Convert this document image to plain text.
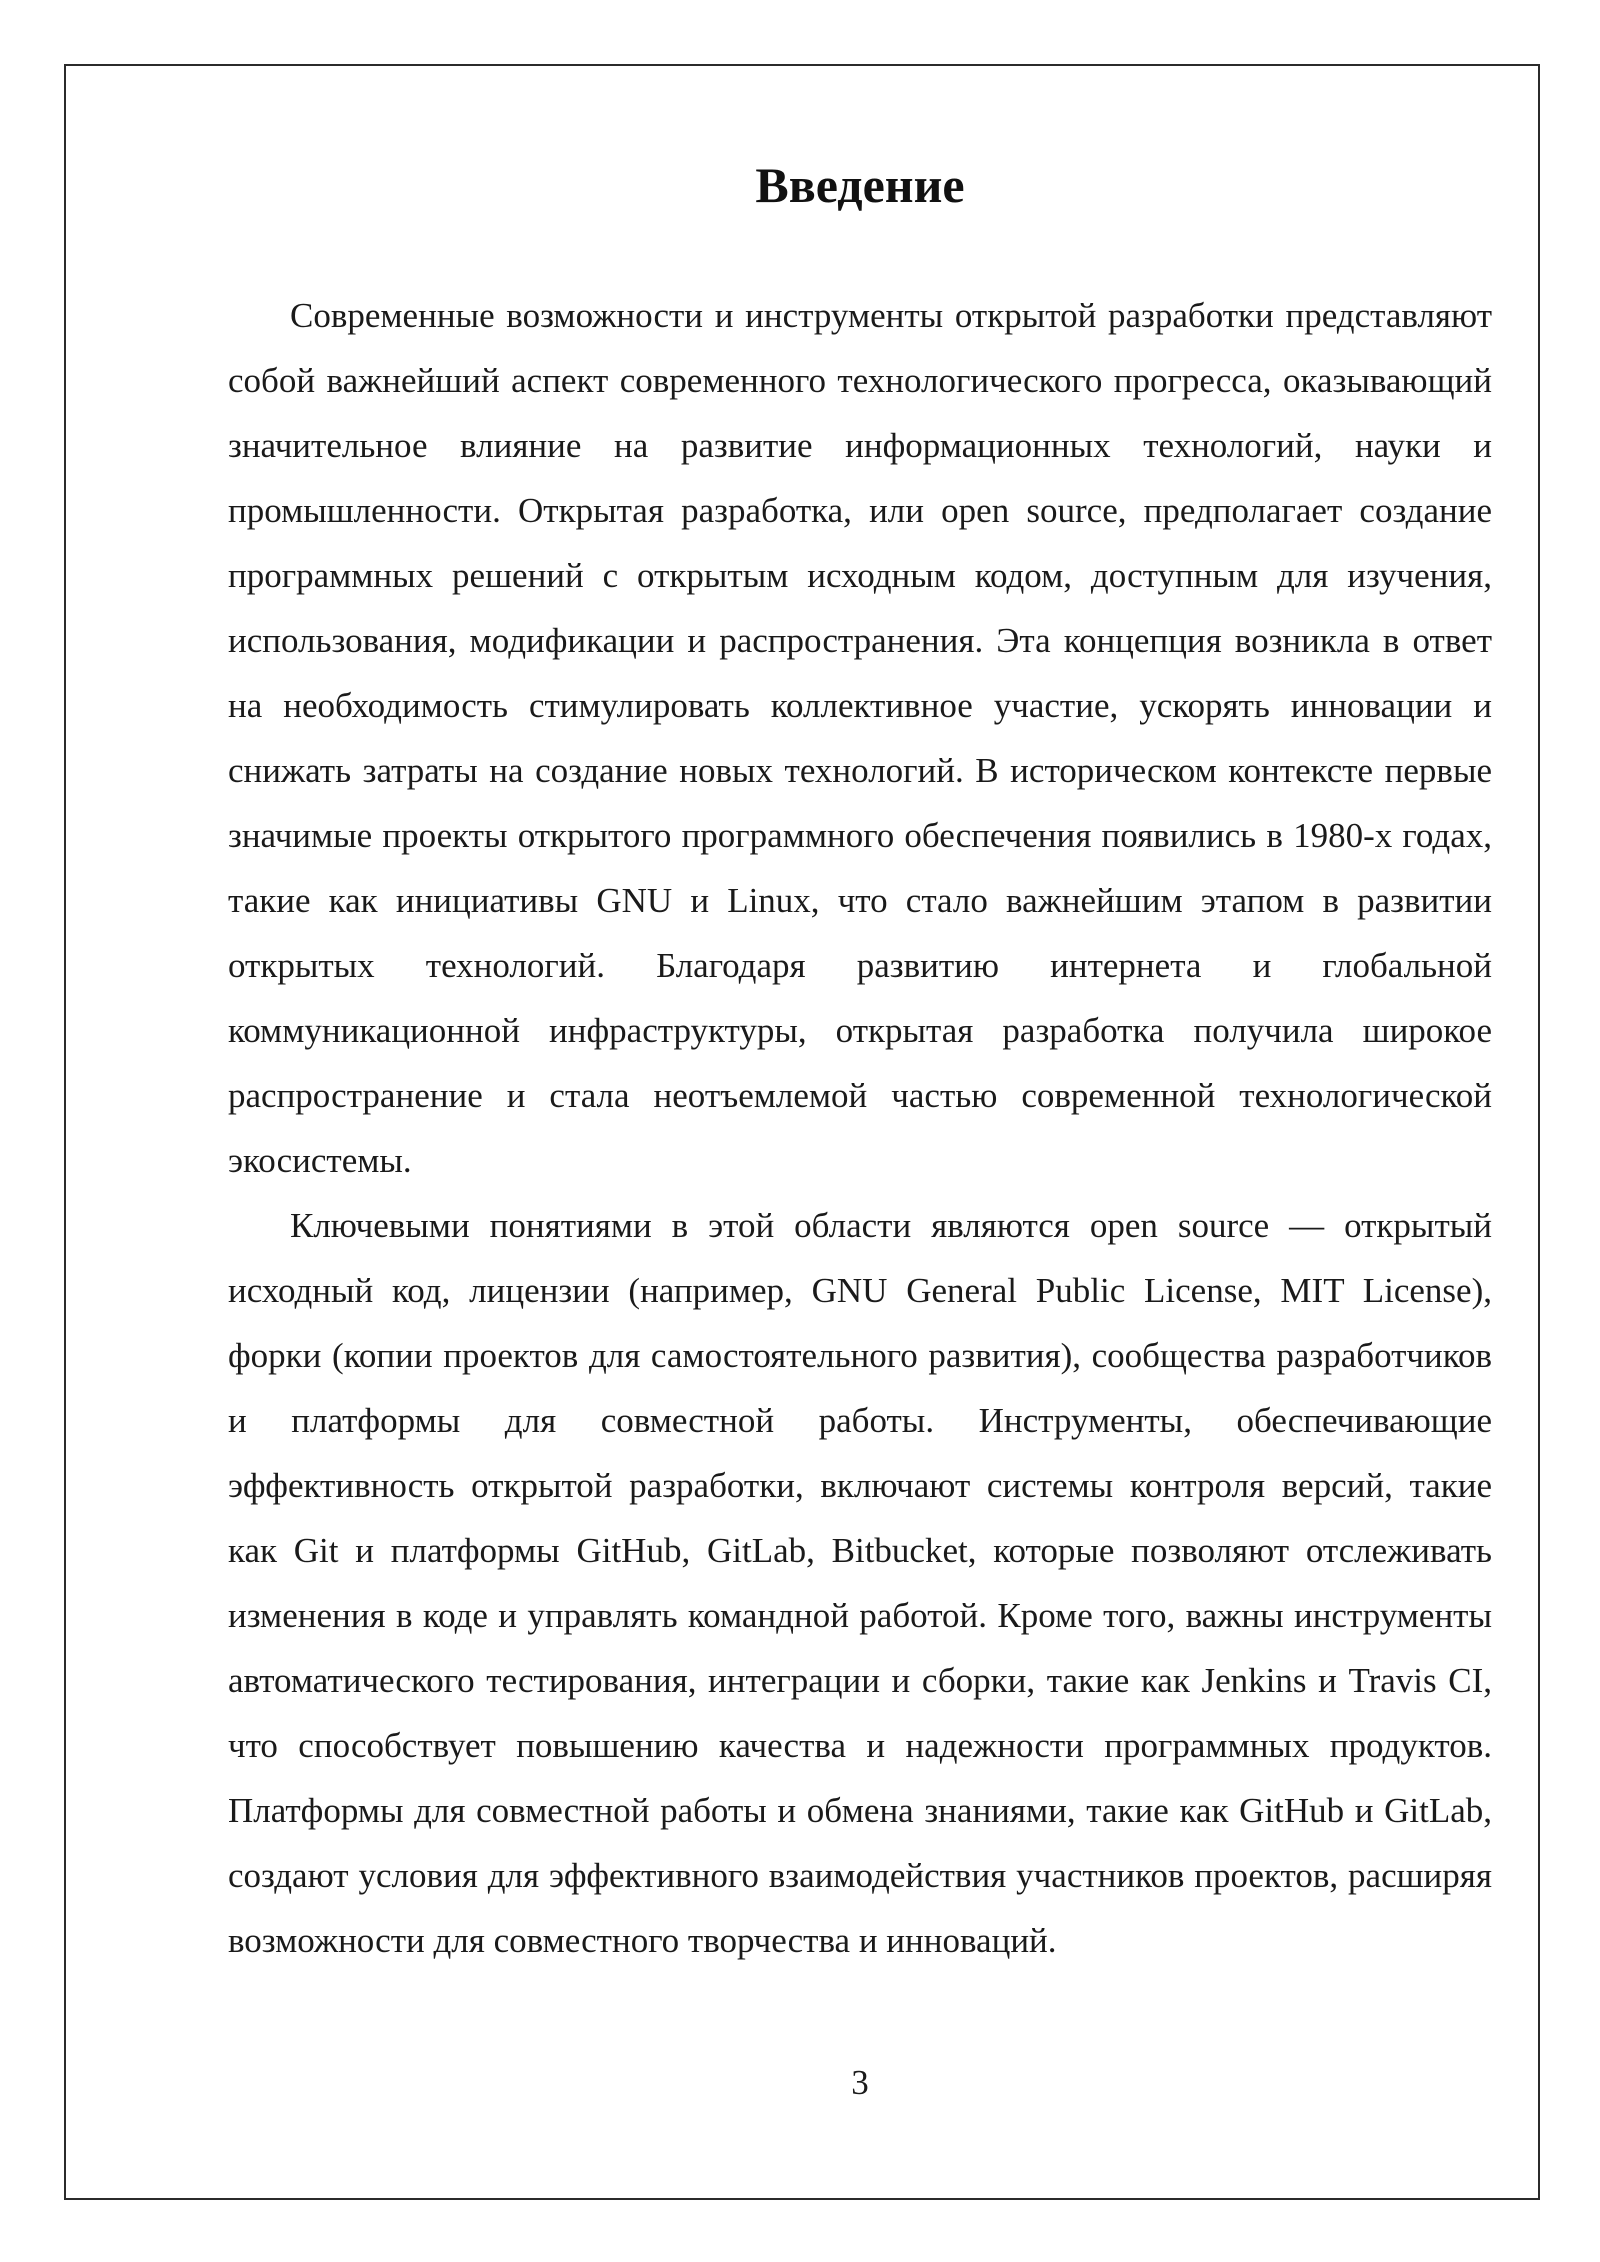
Введение

Современные возможности и инструменты открытой разработки представляют собой важнейший аспект современного технологического прогресса, оказывающий значительное влияние на развитие информационных технологий, науки и промышленности. Открытая разработка, или open source, предполагает создание программных решений с открытым исходным кодом, доступным для изучения, использования, модификации и распространения. Эта концепция возникла в ответ на необходимость стимулировать коллективное участие, ускорять инновации и снижать затраты на создание новых технологий. В историческом контексте первые значимые проекты открытого программного обеспечения появились в 1980-х годах, такие как инициативы GNU и Linux, что стало важнейшим этапом в развитии открытых технологий. Благодаря развитию интернета и глобальной коммуникационной инфраструктуры, открытая разработка получила широкое распространение и стала неотъемлемой частью современной технологической экосистемы.

Ключевыми понятиями в этой области являются open source — открытый исходный код, лицензии (например, GNU General Public License, MIT License), форки (копии проектов для самостоятельного развития), сообщества разработчиков и платформы для совместной работы. Инструменты, обеспечивающие эффективность открытой разработки, включают системы контроля версий, такие как Git и платформы GitHub, GitLab, Bitbucket, которые позволяют отслеживать изменения в коде и управлять командной работой. Кроме того, важны инструменты автоматического тестирования, интеграции и сборки, такие как Jenkins и Travis CI, что способствует повышению качества и надежности программных продуктов. Платформы для совместной работы и обмена знаниями, такие как GitHub и GitLab, создают условия для эффективного взаимодействия участников проектов, расширяя возможности для совместного творчества и инноваций.

3
